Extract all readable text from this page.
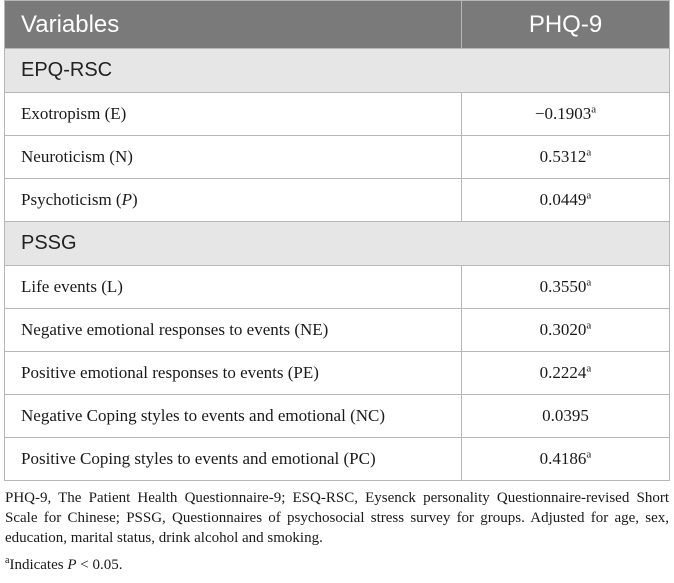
Variables	PHQ-9
EPQ-RSC	
Exotropism (E)	−0.1903$^a$
Neuroticism (N)	0.5312$^a$
Psychoticism (P)	0.0449$^a$
PSSG	
Life events (L)	0.3550$^a$
Negative emotional responses to events (NE)	0.3020$^a$
Positive emotional responses to events (PE)	0.2224$^a$
Negative Coping styles to events and emotional (NC)	0.0395
Positive Coping styles to events and emotional (PC)	0.4186$^a$

PHQ-9, The Patient Health Questionnaire-9; ESQ-RSC, Eysenck personality Questionnaire-revised Short Scale for Chinese; PSSG, Questionnaires of psychosocial stress survey for groups. Adjusted for age, sex, education, marital status, drink alcohol and smoking.

$^a$Indicates P < 0.05.
